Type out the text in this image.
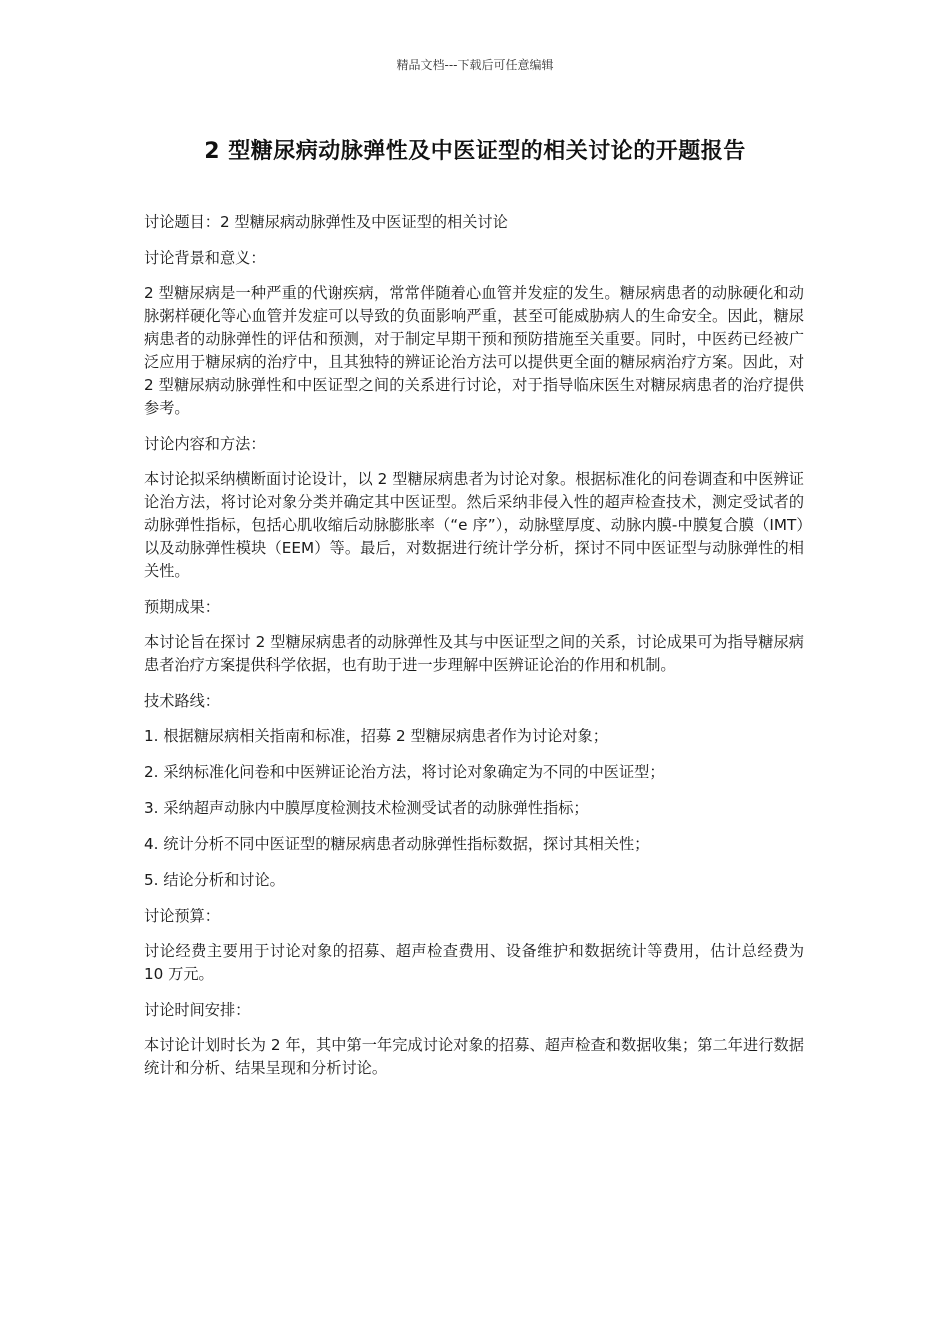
精品文档---下载后可任意编辑
2 型糖尿病动脉弹性及中医证型的相关讨论的开题报告

讨论题目：2 型糖尿病动脉弹性及中医证型的相关讨论

讨论背景和意义：

2 型糖尿病是一种严重的代谢疾病，常常伴随着心血管并发症的发生。糖尿病患者的动脉硬化和动脉粥样硬化等心血管并发症可以导致的负面影响严重，甚至可能威胁病人的生命安全。因此，糖尿病患者的动脉弹性的评估和预测，对于制定早期干预和预防措施至关重要。同时，中医药已经被广泛应用于糖尿病的治疗中，且其独特的辨证论治方法可以提供更全面的糖尿病治疗方案。因此，对 2 型糖尿病动脉弹性和中医证型之间的关系进行讨论，对于指导临床医生对糖尿病患者的治疗提供参考。

讨论内容和方法：

本讨论拟采纳横断面讨论设计，以 2 型糖尿病患者为讨论对象。根据标准化的问卷调查和中医辨证论治方法，将讨论对象分类并确定其中医证型。然后采纳非侵入性的超声检查技术，测定受试者的动脉弹性指标，包括心肌收缩后动脉膨胀率（“e 序”），动脉壁厚度、动脉内膜-中膜复合膜（IMT）以及动脉弹性模块（EEM）等。最后，对数据进行统计学分析，探讨不同中医证型与动脉弹性的相关性。

预期成果：

本讨论旨在探讨 2 型糖尿病患者的动脉弹性及其与中医证型之间的关系，讨论成果可为指导糖尿病患者治疗方案提供科学依据，也有助于进一步理解中医辨证论治的作用和机制。

技术路线：

1. 根据糖尿病相关指南和标准，招募 2 型糖尿病患者作为讨论对象；

2. 采纳标准化问卷和中医辨证论治方法，将讨论对象确定为不同的中医证型；

3. 采纳超声动脉内中膜厚度检测技术检测受试者的动脉弹性指标；

4. 统计分析不同中医证型的糖尿病患者动脉弹性指标数据，探讨其相关性；

5. 结论分析和讨论。

讨论预算：

讨论经费主要用于讨论对象的招募、超声检查费用、设备维护和数据统计等费用，估计总经费为 10 万元。

讨论时间安排：

本讨论计划时长为 2 年，其中第一年完成讨论对象的招募、超声检查和数据收集；第二年进行数据统计和分析、结果呈现和分析讨论。
